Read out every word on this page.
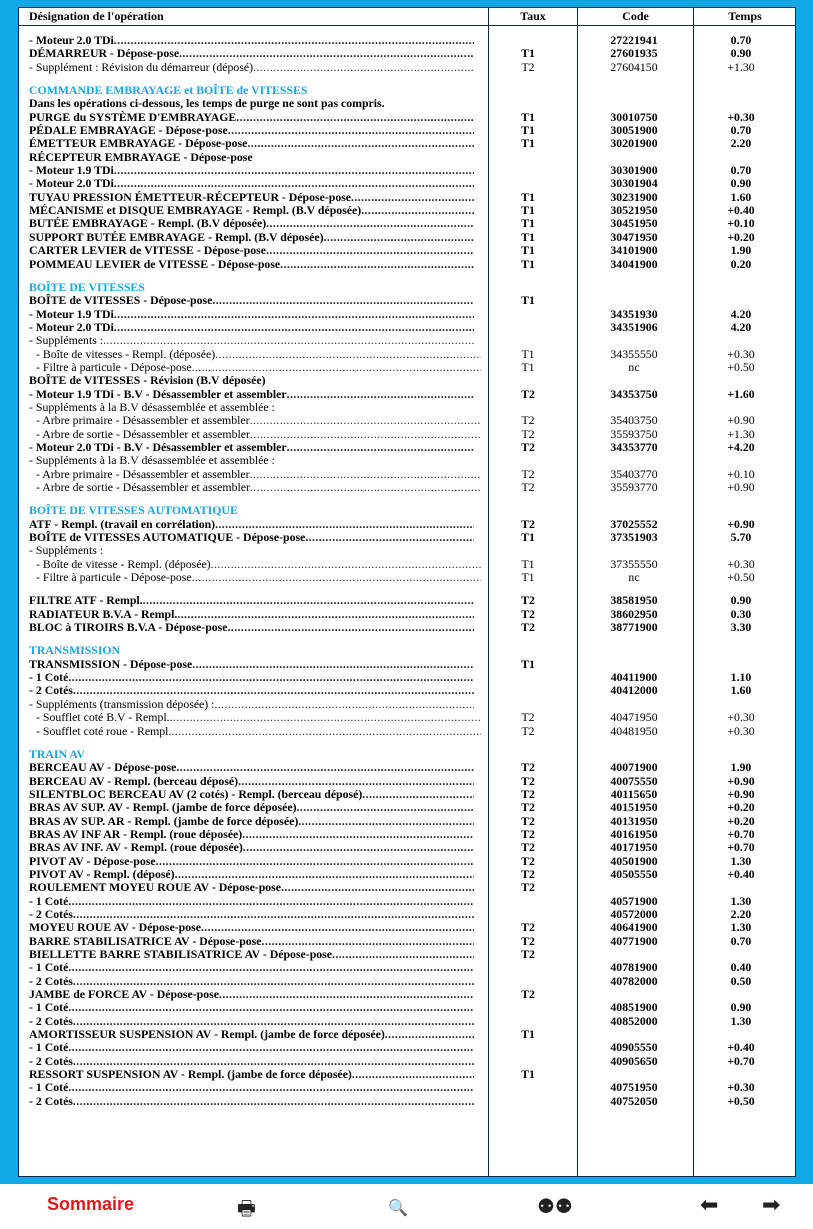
Désignation de l'opération	Taux	Code	Temps
- Moteur 2.0 TDi .....	27221941	0.70
DÉMARREUR - Dépose-pose .....	T1	27601935	0.90
- Supplément : Révision du démarreur (déposé) .....	T2	27604150	+1.30
COMMANDE EMBRAYAGE et BOÎTE de VITESSES
Dans les opérations ci-dessous, les temps de purge ne sont pas compris.
PURGE du SYSTÈME D'EMBRAYAGE .....	T1	30010750	+0.30
PÉDALE EMBRAYAGE - Dépose-pose .....	T1	30051900	0.70
ÉMETTEUR EMBRAYAGE - Dépose-pose .....	T1	30201900	2.20
RÉCEPTEUR EMBRAYAGE - Dépose-pose
- Moteur 1.9 TDi .....	30301900	0.70
- Moteur 2.0 TDi .....	30301904	0.90
TUYAU PRESSION ÉMETTEUR-RÉCEPTEUR - Dépose-pose .....	T1	30231900	1.60
MÉCANISME et DISQUE EMBRAYAGE - Rempl. (B.V déposée) .....	T1	30521950	+0.40
BUTÉE EMBRAYAGE - Rempl. (B.V déposée) .....	T1	30451950	+0.10
SUPPORT BUTÉE EMBRAYAGE - Rempl. (B.V déposée) .....	T1	30471950	+0.20
CARTER LEVIER de VITESSE - Dépose-pose .....	T1	34101900	1.90
POMMEAU LEVIER de VITESSE - Dépose-pose .....	T1	34041900	0.20
BOÎTE DE VITESSES
BOÎTE de VITESSES - Dépose-pose .....	T1
- Moteur 1.9 TDi .....	34351930	4.20
- Moteur 2.0 TDi .....	34351906	4.20
- Suppléments :
.....
- Boîte de vitesses - Rempl. (déposée) .....	T1	34355550	+0.30
- Filtre à particule - Dépose-pose .....	T1	nc	+0.50
BOÎTE de VITESSES - Révision (B.V déposée)
- Moteur 1.9 TDi - B.V - Désassembler et assembler .....	T2	34353750	+1.60
- Suppléments à la B.V désassemblée et assemblée :
- Arbre primaire - Désassembler et assembler .....	T2	35403750	+0.90
- Arbre de sortie - Désassembler et assembler .....	T2	35593750	+1.30
- Moteur 2.0 TDi - B.V - Désassembler et assembler .....	T2	34353770	+4.20
- Suppléments à la B.V désassemblée et assemblée :
- Arbre primaire - Désassembler et assembler .....	T2	35403770	+0.10
- Arbre de sortie - Désassembler et assembler .....	T2	35593770	+0.90
BOÎTE DE VITESSES AUTOMATIQUE
ATF - Rempl. (travail en corrélation) .....	T2	37025552	+0.90
BOÎTE de VITESSES AUTOMATIQUE - Dépose-pose .....	T1	37351903	5.70
- Suppléments :
- Boîte de vitesse - Rempl. (déposée) .....	T1	37355550	+0.30
- Filtre à particule - Dépose-pose .....	T1	nc	+0.50
FILTRE ATF - Rempl. .....	T2	38581950	0.90
RADIATEUR B.V.A - Rempl. .....	T2	38602950	0.30
BLOC à TIROIRS B.V.A - Dépose-pose .....	T2	38771900	3.30
TRANSMISSION
TRANSMISSION - Dépose-pose .....	T1
- 1 Coté .....	40411900	1.10
- 2 Cotés .....	40412000	1.60
- Suppléments (transmission déposée) :
.....
- Soufflet coté B.V - Rempl. .....	T2	40471950	+0.30
- Soufflet coté roue - Rempl. .....	T2	40481950	+0.30
TRAIN AV
BERCEAU AV - Dépose-pose .....	T2	40071900	1.90
BERCEAU AV - Rempl. (berceau déposé) .....	T2	40075550	+0.90
SILENTBLOC BERCEAU AV (2 cotés) - Rempl. (berceau déposé) .....	T2	40115650	+0.90
BRAS AV SUP. AV - Rempl. (jambe de force déposée) .....	T2	40151950	+0.20
BRAS AV SUP. AR - Rempl. (jambe de force déposée) .....	T2	40131950	+0.20
BRAS AV INF AR - Rempl. (roue déposée) .....	T2	40161950	+0.70
BRAS AV INF. AV - Rempl. (roue déposée) .....	T2	40171950	+0.70
PIVOT AV - Dépose-pose .....	T2	40501900	1.30
PIVOT AV - Rempl. (déposé) .....	T2	40505550	+0.40
ROULEMENT MOYEU ROUE AV - Dépose-pose .....	T2
- 1 Coté .....	40571900	1.30
- 2 Cotés .....	40572000	2.20
MOYEU ROUE AV - Dépose-pose .....	T2	40641900	1.30
BARRE STABILISATRICE AV - Dépose-pose .....	T2	40771900	0.70
BIELLETTE BARRE STABILISATRICE AV - Dépose-pose .....	T2
- 1 Coté .....	40781900	0.40
- 2 Cotés .....	40782000	0.50
JAMBE de FORCE AV - Dépose-pose .....	T2
- 1 Coté .....	40851900	0.90
- 2 Cotés .....	40852000	1.30
AMORTISSEUR SUSPENSION AV - Rempl. (jambe de force déposée) .....	T1
- 1 Coté .....	40905550	+0.40
- 2 Cotés .....	40905650	+0.70
RESSORT SUSPENSION AV - Rempl. (jambe de force déposée) .....	T1
- 1 Coté .....	40751950	+0.30
- 2 Cotés .....	40752050	+0.50
Sommaire	🖶	🔍	⚉⚉	⬅ ➡
